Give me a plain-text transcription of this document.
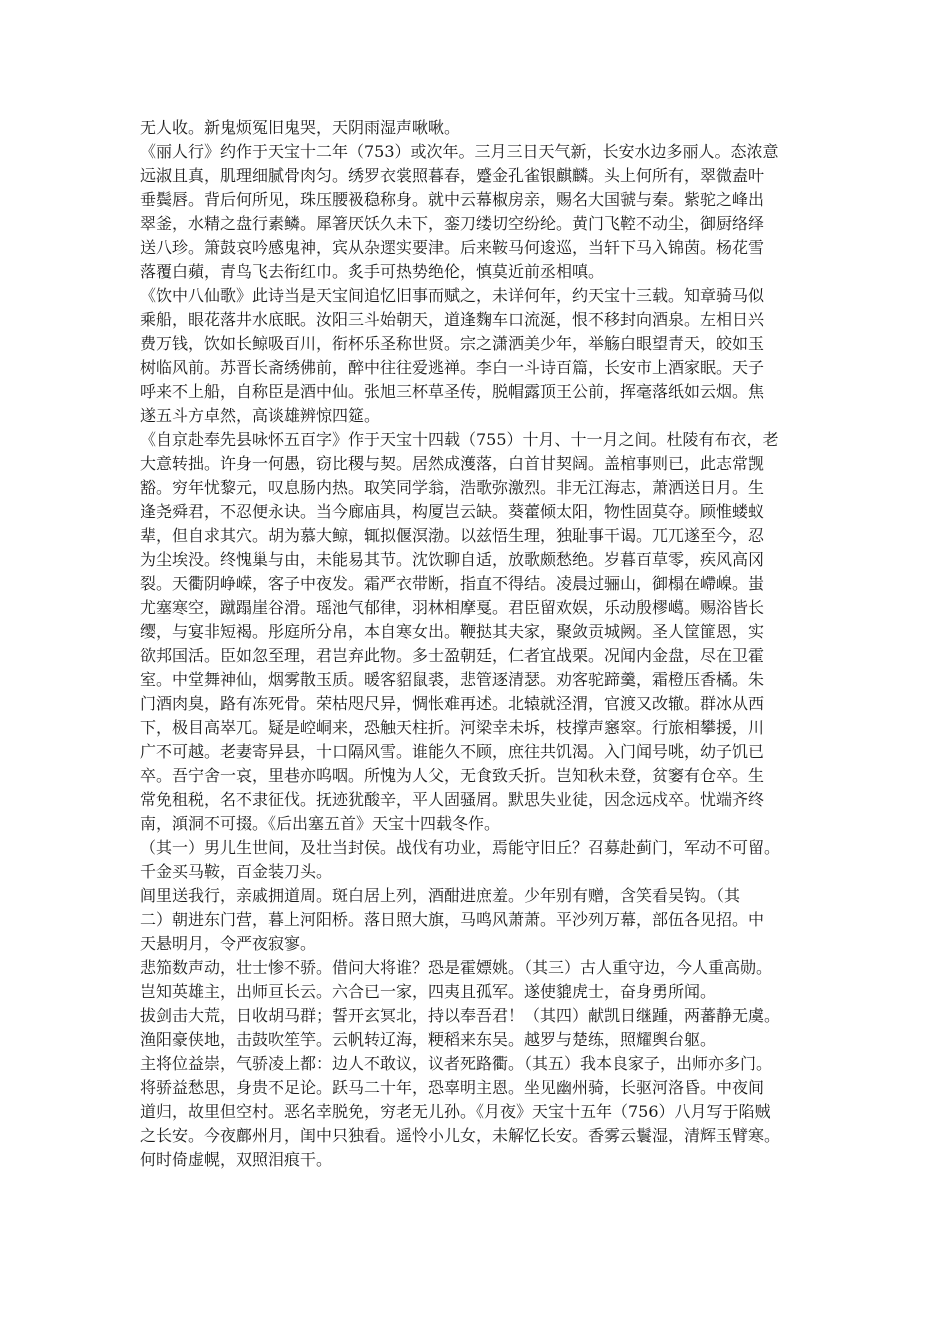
无人收。新鬼烦冤旧鬼哭，天阴雨湿声啾啾。
《丽人行》约作于天宝十二年（753）或次年。三月三日天气新，长安水边多丽人。态浓意
远淑且真，肌理细腻骨肉匀。绣罗衣裳照暮春，蹙金孔雀银麒麟。头上何所有，翠微盍叶
垂鬓唇。背后何所见，珠压腰衱稳称身。就中云幕椒房亲，赐名大国虢与秦。紫驼之峰出
翠釜，水精之盘行素鳞。犀箸厌饫久未下，銮刀缕切空纷纶。黄门飞鞚不动尘，御厨络绎
送八珍。箫鼓哀吟感鬼神，宾从杂遝实要津。后来鞍马何逡巡，当轩下马入锦茵。杨花雪
落覆白蘋，青鸟飞去衔红巾。炙手可热势绝伦，慎莫近前丞相嗔。
《饮中八仙歌》此诗当是天宝间追忆旧事而赋之，未详何年，约天宝十三载。知章骑马似
乘船，眼花落井水底眠。汝阳三斗始朝天，道逢麴车口流涎，恨不移封向酒泉。左相日兴
费万钱，饮如长鲸吸百川，衔杯乐圣称世贤。宗之潇洒美少年，举觞白眼望青天，皎如玉
树临风前。苏晋长斋绣佛前，醉中往往爱逃禅。李白一斗诗百篇，长安市上酒家眠。天子
呼来不上船，自称臣是酒中仙。张旭三杯草圣传，脱帽露顶王公前，挥毫落纸如云烟。焦
遂五斗方卓然，高谈雄辨惊四筵。
《自京赴奉先县咏怀五百字》作于天宝十四载（755）十月、十一月之间。杜陵有布衣，老
大意转拙。许身一何愚，窃比稷与契。居然成濩落，白首甘契阔。盖棺事则已，此志常觊
豁。穷年忧黎元，叹息肠内热。取笑同学翁，浩歌弥激烈。非无江海志，萧洒送日月。生
逢尧舜君，不忍便永诀。当今廊庙具，构厦岂云缺。葵藿倾太阳，物性固莫夺。顾惟蝼蚁
辈，但自求其穴。胡为慕大鲸，辄拟偃溟渤。以兹悟生理，独耻事干谒。兀兀遂至今，忍
为尘埃没。终愧巢与由，未能易其节。沈饮聊自适，放歌颇愁绝。岁暮百草零，疾风高冈
裂。天衢阴峥嵘，客子中夜发。霜严衣带断，指直不得结。凌晨过骊山，御榻在嵽嵲。蚩
尤塞寒空，蹴蹋崖谷滑。瑶池气郁律，羽林相摩戛。君臣留欢娱，乐动殷樛嶱。赐浴皆长
缨，与宴非短褐。彤庭所分帛，本自寒女出。鞭挞其夫家，聚敛贡城阙。圣人筐篚恩，实
欲邦国活。臣如忽至理，君岂弃此物。多士盈朝廷，仁者宜战栗。况闻内金盘，尽在卫霍
室。中堂舞神仙，烟雾散玉质。暖客貂鼠裘，悲管逐清瑟。劝客驼蹄羹，霜橙压香橘。朱
门酒肉臭，路有冻死骨。荣枯咫尺异，惆怅难再述。北辕就泾渭，官渡又改辙。群冰从西
下，极目高崒兀。疑是崆峒来，恐触天柱折。河梁幸未坼，枝撑声窸窣。行旅相攀援，川
广不可越。老妻寄异县，十口隔风雪。谁能久不顾，庶往共饥渴。入门闻号咷，幼子饥已
卒。吾宁舍一哀，里巷亦呜咽。所愧为人父，无食致夭折。岂知秋未登，贫窭有仓卒。生
常免租税，名不隶征伐。抚迹犹酸辛，平人固骚屑。默思失业徒，因念远戍卒。忧端齐终
南，澒洞不可掇。《后出塞五首》天宝十四载冬作。
（其一）男儿生世间，及壮当封侯。战伐有功业，焉能守旧丘？召募赴蓟门，军动不可留。
千金买马鞍，百金装刀头。
闾里送我行，亲戚拥道周。斑白居上列，酒酣进庶羞。少年别有赠，含笑看吴钩。（其
二）朝进东门营，暮上河阳桥。落日照大旗，马鸣风萧萧。平沙列万幕，部伍各见招。中
天悬明月，令严夜寂寥。
悲笳数声动，壮士惨不骄。借问大将谁？恐是霍嫖姚。（其三）古人重守边，今人重高勋。
岂知英雄主，出师亘长云。六合已一家，四夷且孤军。遂使貔虎士，奋身勇所闻。
拔剑击大荒，日收胡马群；誓开玄冥北，持以奉吾君！（其四）献凯日继踵，两蕃静无虞。
渔阳豪侠地，击鼓吹笙竽。云帆转辽海，粳稻来东吴。越罗与楚练，照耀舆台躯。
主将位益崇，气骄凌上都：边人不敢议，议者死路衢。（其五）我本良家子，出师亦多门。
将骄益愁思，身贵不足论。跃马二十年，恐辜明主恩。坐见幽州骑，长驱河洛昏。中夜间
道归，故里但空村。恶名幸脱免，穷老无儿孙。《月夜》天宝十五年（756）八月写于陷贼
之长安。今夜鄜州月，闺中只独看。遥怜小儿女，未解忆长安。香雾云鬟湿，清辉玉臂寒。
何时倚虚幌，双照泪痕干。
